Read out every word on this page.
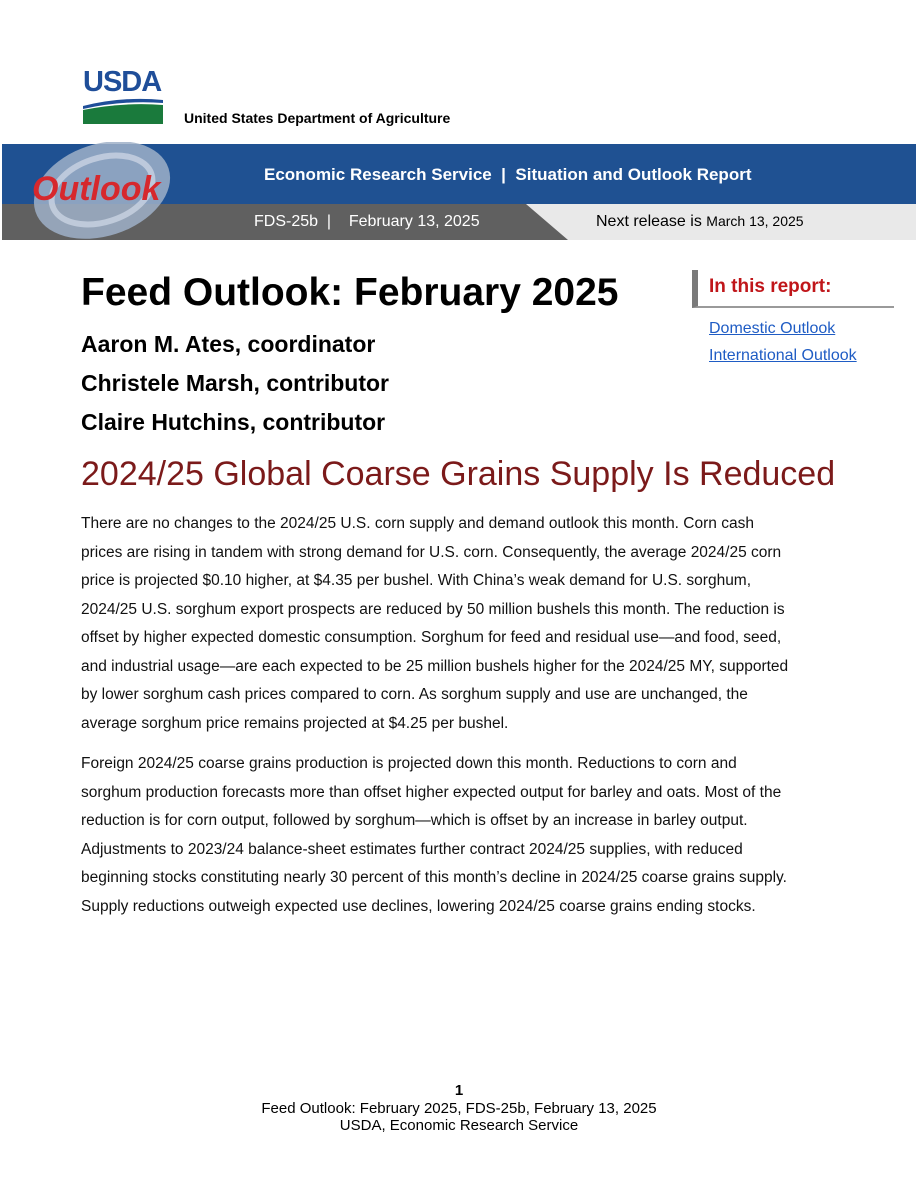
USDA
United States Department of Agriculture
Outlook	Economic Research Service  |  Situation and Outlook Report
FDS-25b  |    February 13, 2025	Next release is March 13, 2025
Feed Outlook: February 2025
Aaron M. Ates, coordinator
Christele Marsh, contributor
Claire Hutchins, contributor
In this report:
Domestic Outlook
International Outlook
2024/25 Global Coarse Grains Supply Is Reduced
There are no changes to the 2024/25 U.S. corn supply and demand outlook this month. Corn cash
prices are rising in tandem with strong demand for U.S. corn. Consequently, the average 2024/25 corn
price is projected $0.10 higher, at $4.35 per bushel. With China’s weak demand for U.S. sorghum,
2024/25 U.S. sorghum export prospects are reduced by 50 million bushels this month. The reduction is
offset by higher expected domestic consumption. Sorghum for feed and residual use—and food, seed,
and industrial usage—are each expected to be 25 million bushels higher for the 2024/25 MY, supported
by lower sorghum cash prices compared to corn. As sorghum supply and use are unchanged, the
average sorghum price remains projected at $4.25 per bushel.
Foreign 2024/25 coarse grains production is projected down this month. Reductions to corn and
sorghum production forecasts more than offset higher expected output for barley and oats. Most of the
reduction is for corn output, followed by sorghum—which is offset by an increase in barley output.
Adjustments to 2023/24 balance-sheet estimates further contract 2024/25 supplies, with reduced
beginning stocks constituting nearly 30 percent of this month’s decline in 2024/25 coarse grains supply.
Supply reductions outweigh expected use declines, lowering 2024/25 coarse grains ending stocks.
1
Feed Outlook: February 2025, FDS-25b, February 13, 2025
USDA, Economic Research Service
